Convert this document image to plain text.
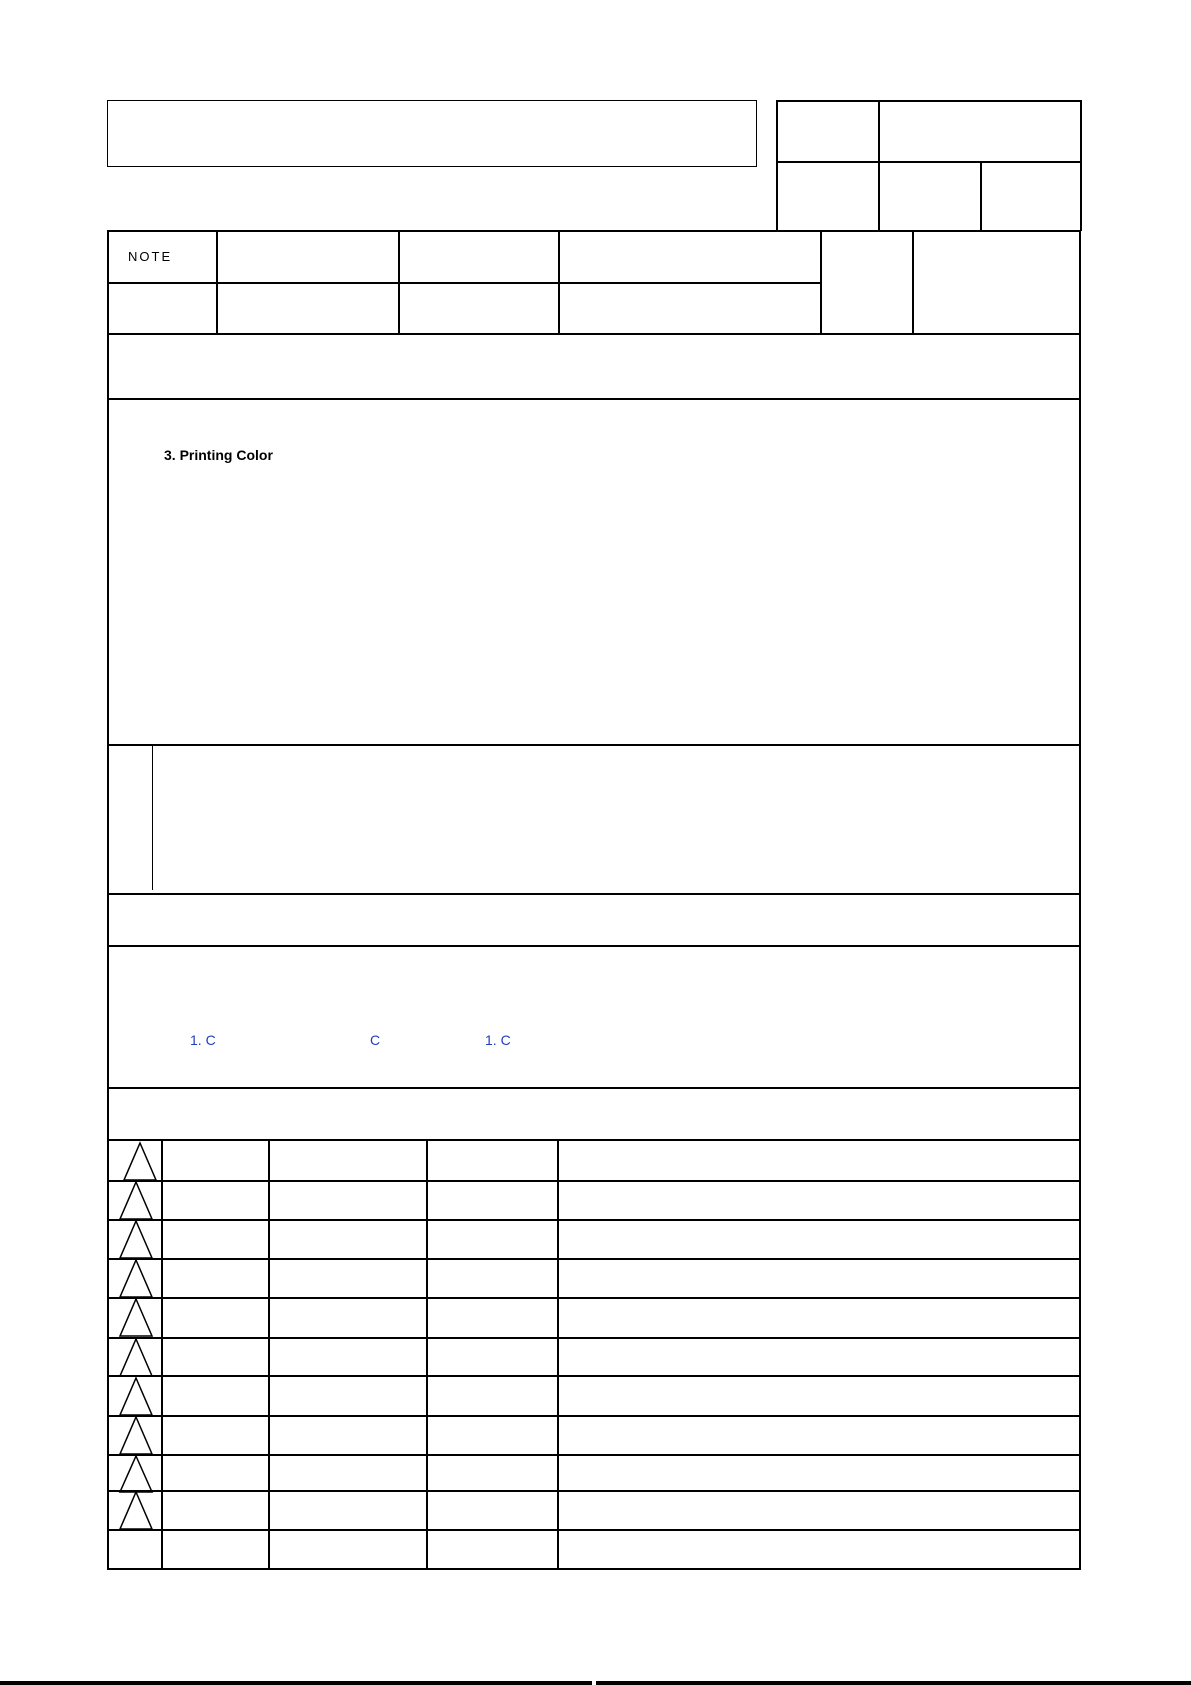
NOTE
3. Printing Color
1. C	C	1. C
